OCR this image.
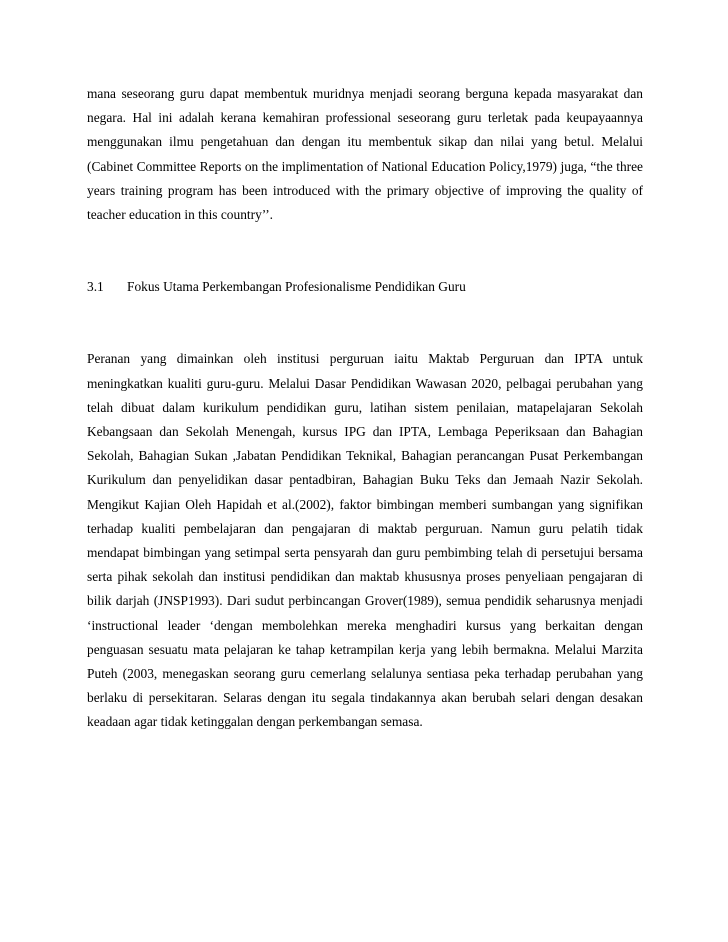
mana seseorang guru dapat membentuk muridnya menjadi seorang berguna kepada masyarakat dan negara. Hal ini adalah kerana kemahiran professional seseorang guru terletak pada keupayaannya menggunakan ilmu pengetahuan dan dengan itu membentuk sikap dan nilai yang betul. Melalui (Cabinet Committee Reports on the implimentation of National Education Policy,1979) juga, “the three years training program has been introduced with the primary objective of improving the quality of teacher education in this country’’.

3.1	Fokus Utama Perkembangan Profesionalisme Pendidikan Guru

Peranan yang dimainkan oleh institusi perguruan iaitu Maktab Perguruan dan IPTA untuk meningkatkan kualiti guru-guru. Melalui Dasar Pendidikan Wawasan 2020, pelbagai perubahan yang telah dibuat dalam kurikulum pendidikan guru, latihan sistem penilaian, matapelajaran Sekolah Kebangsaan dan Sekolah Menengah, kursus IPG dan IPTA, Lembaga Peperiksaan dan Bahagian Sekolah, Bahagian Sukan ,Jabatan Pendidikan Teknikal, Bahagian perancangan Pusat Perkembangan Kurikulum dan penyelidikan dasar pentadbiran, Bahagian Buku Teks dan Jemaah Nazir Sekolah. Mengikut Kajian Oleh Hapidah et al.(2002), faktor bimbingan memberi sumbangan yang signifikan terhadap kualiti pembelajaran dan pengajaran di maktab perguruan. Namun guru pelatih tidak mendapat bimbingan yang setimpal serta pensyarah dan guru pembimbing telah di persetujui bersama serta pihak sekolah dan institusi pendidikan dan maktab khususnya proses penyeliaan pengajaran di bilik darjah (JNSP1993). Dari sudut perbincangan Grover(1989), semua pendidik seharusnya menjadi ‘instructional leader ‘dengan membolehkan mereka menghadiri kursus yang berkaitan dengan penguasan sesuatu mata pelajaran ke tahap ketrampilan kerja yang lebih bermakna. Melalui Marzita Puteh (2003, menegaskan seorang guru cemerlang selalunya sentiasa peka terhadap perubahan yang berlaku di persekitaran. Selaras dengan itu segala tindakannya akan berubah selari dengan desakan keadaan agar tidak ketinggalan dengan perkembangan semasa.
